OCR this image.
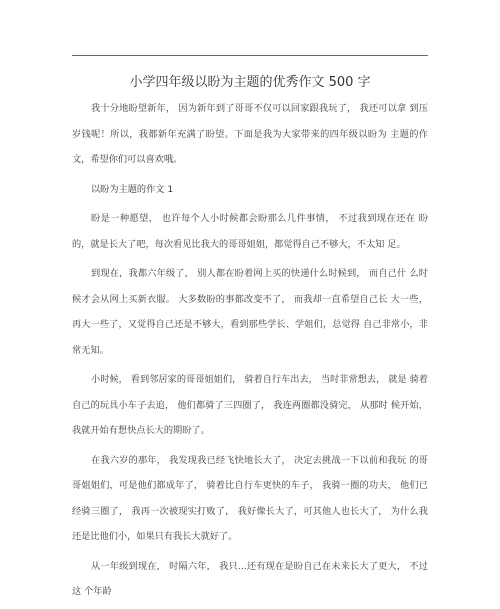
小学四年级以盼为主题的优秀作文 500 字

我十分地盼望新年， 因为新年到了哥哥不仅可以回家跟我玩了， 我还可以拿 到压岁钱呢！所以，我都新年充满了盼望。下面是我为大家带来的四年级以盼为 主题的作文，希望你们可以喜欢哦。

以盼为主题的作文 1

盼是一种愿望， 也许每个人小时候都会盼那么几件事情， 不过我到现在还在 盼的，就是长大了吧，每次看见比我大的哥哥姐姐，都觉得自己不够大，不太知 足。

到现在，我都六年级了， 别人都在盼着网上买的快递什么时候到， 而自己什 么时候才会从网上买新衣服。 大多数盼的事都改变不了， 而我却一直希望自己长 大一些，再大一些了，又觉得自己还是不够大，看到那些学长、学姐们，总觉得 自己非常小，非常无知。

小时候， 看到邻居家的哥哥姐姐们， 骑着自行车出去， 当时非常想去， 就是 骑着自己的玩具小车子去追， 他们都骑了三四圈了， 我连两圈都没骑完， 从那时 候开始，我就开始有想快点长大的期盼了。

在我六岁的那年， 我发现我已经飞快地长大了， 决定去挑战一下以前和我玩 的哥哥姐姐们，可是他们都成年了， 骑着比自行车更快的车子， 我骑一圈的功夫， 他们已经骑三圈了， 我再一次被现实打败了， 我好像长大了，可其他人也长大了， 为什么我还是比他们小，如果只有我长大就好了。

从一年级到现在， 时隔六年， 我只...还有现在是盼自己在未来长大了更大， 不过这 个年龄
